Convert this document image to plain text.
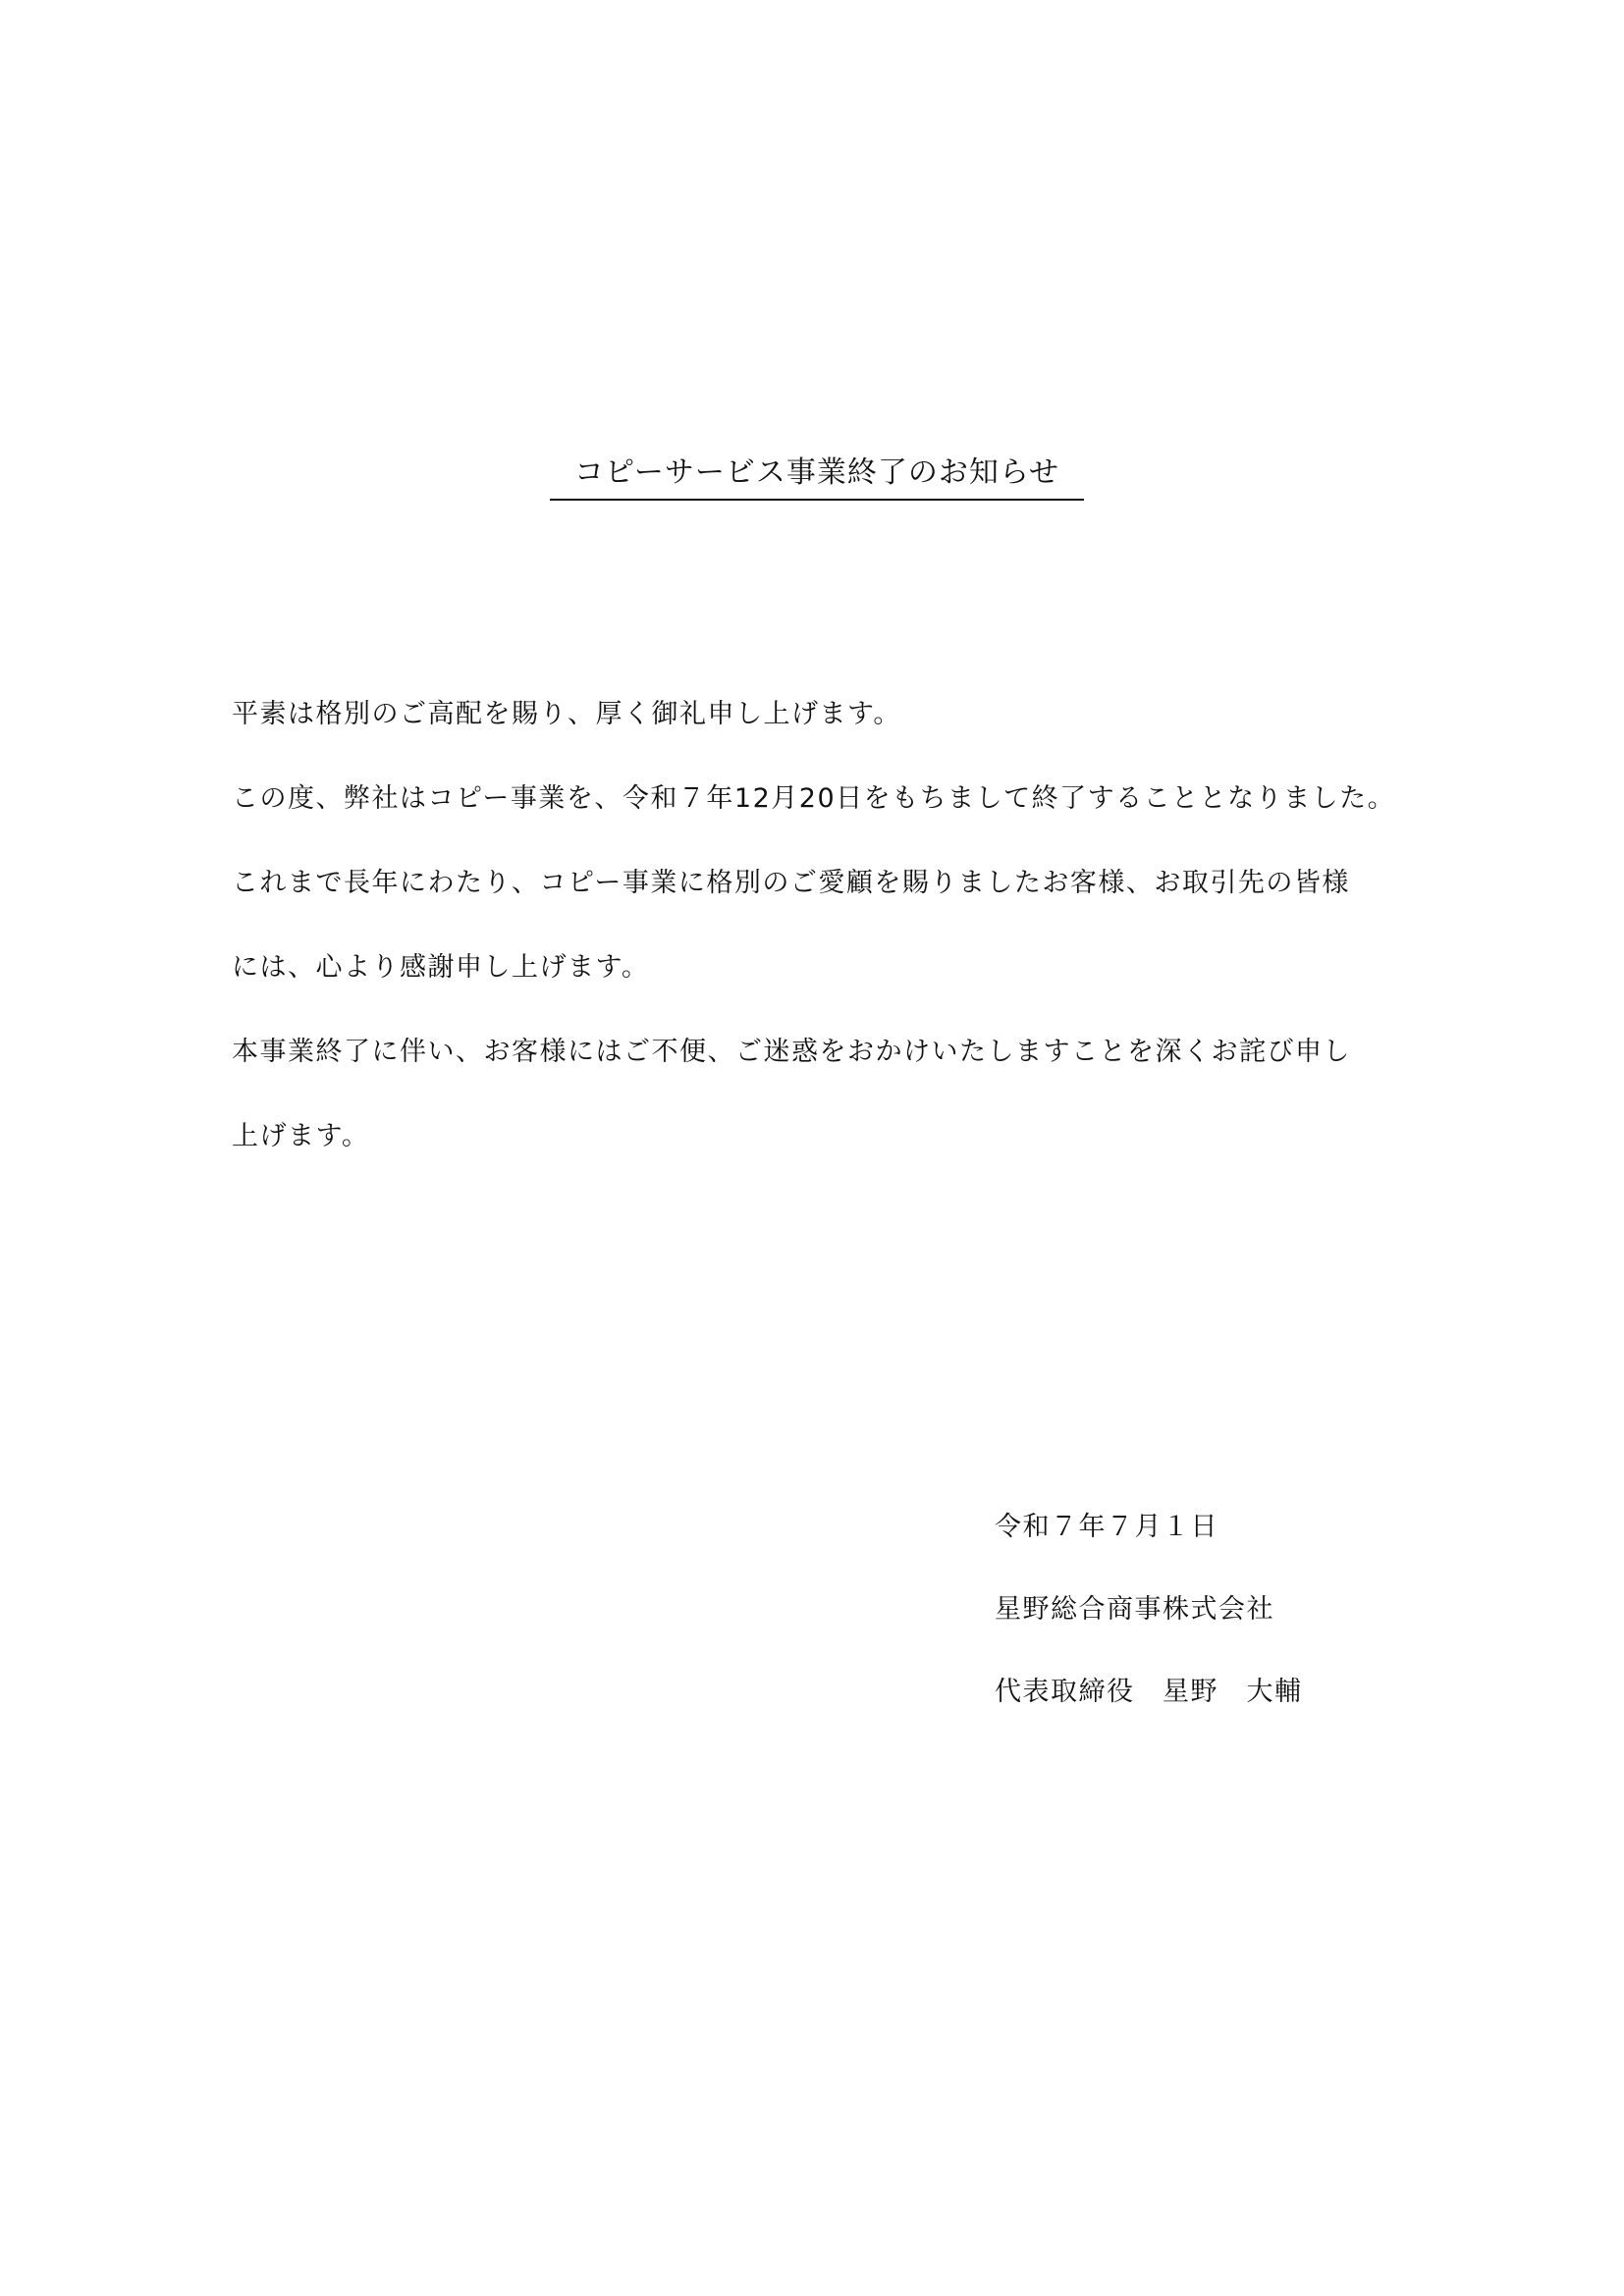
コピーサービス事業終了のお知らせ
平素は格別のご高配を賜り、厚く御礼申し上げます。
この度、弊社はコピー事業を、令和７年12月20日をもちまして終了することとなりました。
これまで長年にわたり、コピー事業に格別のご愛顧を賜りましたお客様、お取引先の皆様
には、心より感謝申し上げます。
本事業終了に伴い、お客様にはご不便、ご迷惑をおかけいたしますことを深くお詫び申し
上げます。
令和７年７月１日
星野総合商事株式会社
代表取締役　星野　大輔
